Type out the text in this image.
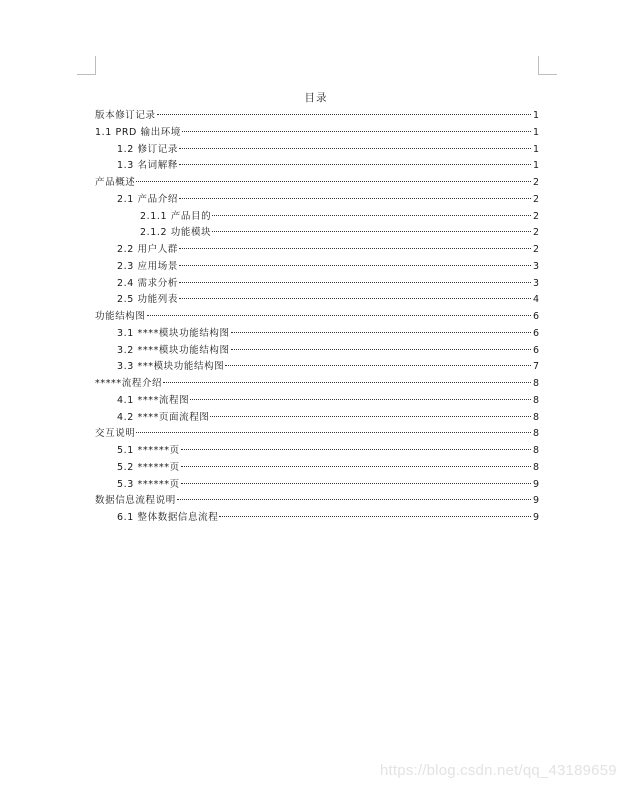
目录
版本修订记录	1
1.1 PRD 输出环境	1
1.2 修订记录	1
1.3 名词解释	1
产品概述	2
2.1 产品介绍	2
2.1.1 产品目的	2
2.1.2 功能模块	2
2.2 用户人群	2
2.3 应用场景	3
2.4 需求分析	3
2.5 功能列表	4
功能结构图	6
3.1 ****模块功能结构图	6
3.2 ****模块功能结构图	6
3.3 ***模块功能结构图	7
*****流程介绍	8
4.1 ****流程图	8
4.2 ****页面流程图	8
交互说明	8
5.1 ******页	8
5.2 ******页	8
5.3 ******页	9
数据信息流程说明	9
6.1 整体数据信息流程	9
https://blog.csdn.net/qq_43189659
